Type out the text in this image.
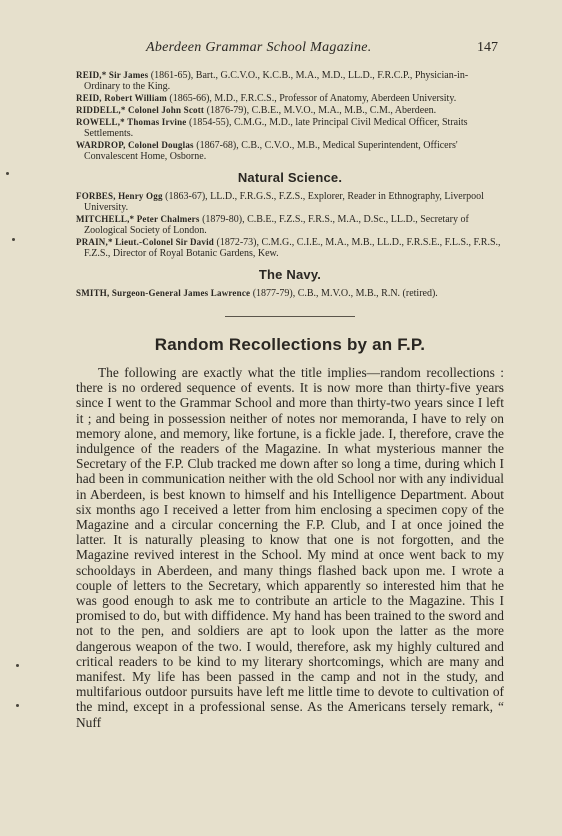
Aberdeen Grammar School Magazine.	147
REID,* Sir James (1861-65), Bart., G.C.V.O., K.C.B., M.A., M.D., LL.D., F.R.C.P., Physician-in-Ordinary to the King.
REID, Robert William (1865-66), M.D., F.R.C.S., Professor of Anatomy, Aberdeen University.
RIDDELL,* Colonel John Scott (1876-79), C.B.E., M.V.O., M.A., M.B., C.M., Aberdeen.
ROWELL,* Thomas Irvine (1854-55), C.M.G., M.D., late Principal Civil Medical Officer, Straits Settlements.
WARDROP, Colonel Douglas (1867-68), C.B., C.V.O., M.B., Medical Superintendent, Officers' Convalescent Home, Osborne.
Natural Science.
FORBES, Henry Ogg (1863-67), LL.D., F.R.G.S., F.Z.S., Explorer, Reader in Ethnography, Liverpool University.
MITCHELL,* Peter Chalmers (1879-80), C.B.E., F.Z.S., F.R.S., M.A., D.Sc., LL.D., Secretary of Zoological Society of London.
PRAIN,* Lieut.-Colonel Sir David (1872-73), C.M.G., C.I.E., M.A., M.B., LL.D., F.R.S.E., F.L.S., F.R.S., F.Z.S., Director of Royal Botanic Gardens, Kew.
The Navy.
SMITH, Surgeon-General James Lawrence (1877-79), C.B., M.V.O., M.B., R.N. (retired).
Random Recollections by an F.P.

The following are exactly what the title implies—random recollections : there is no ordered sequence of events. It is now more than thirty-five years since I went to the Grammar School and more than thirty-two years since I left it ; and being in possession neither of notes nor memoranda, I have to rely on memory alone, and memory, like fortune, is a fickle jade. I, therefore, crave the indulgence of the readers of the Magazine. In what mysterious manner the Secretary of the F.P. Club tracked me down after so long a time, during which I had been in communication neither with the old School nor with any individual in Aberdeen, is best known to himself and his Intelligence Department. About six months ago I received a letter from him enclosing a specimen copy of the Magazine and a circular concerning the F.P. Club, and I at once joined the latter. It is naturally pleasing to know that one is not forgotten, and the Magazine revived interest in the School. My mind at once went back to my schooldays in Aberdeen, and many things flashed back upon me. I wrote a couple of letters to the Secretary, which apparently so interested him that he was good enough to ask me to contribute an article to the Magazine. This I promised to do, but with diffidence. My hand has been trained to the sword and not to the pen, and soldiers are apt to look upon the latter as the more dangerous weapon of the two. I would, therefore, ask my highly cultured and critical readers to be kind to my literary shortcomings, which are many and manifest. My life has been passed in the camp and not in the study, and multifarious outdoor pursuits have left me little time to devote to cultivation of the mind, except in a professional sense. As the Americans tersely remark, “ Nuff
